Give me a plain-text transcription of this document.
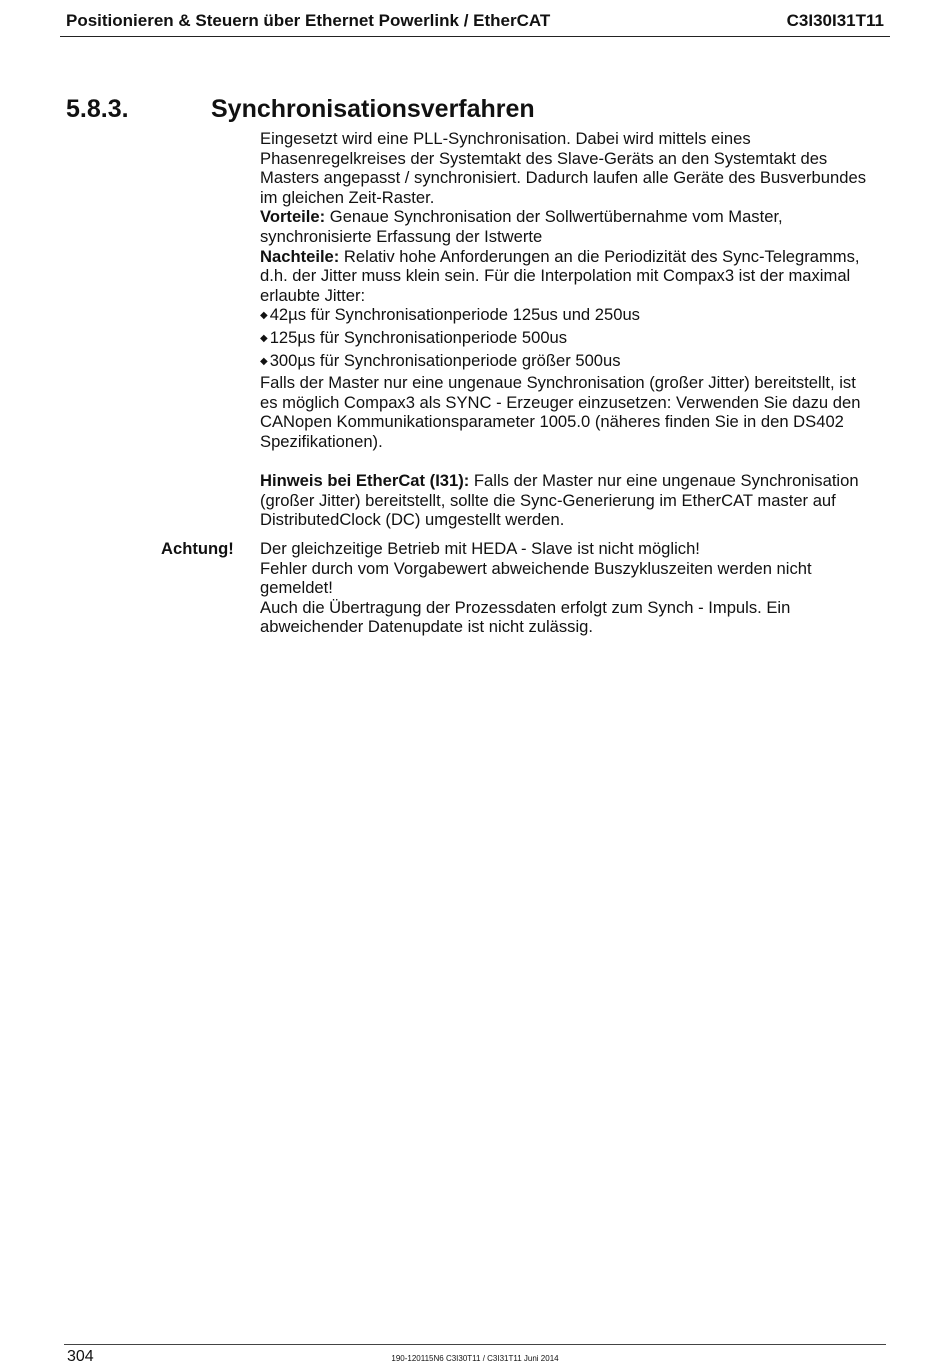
Positionieren & Steuern über Ethernet Powerlink / EtherCAT	C3I30I31T11
5.8.3.	Synchronisationsverfahren

Eingesetzt wird eine PLL-Synchronisation. Dabei wird mittels eines

Phasenregelkreises der Systemtakt des Slave-Geräts an den Systemtakt des

Masters angepasst / synchronisiert. Dadurch laufen alle Geräte des Busverbundes

im gleichen Zeit-Raster.

Vorteile: Genaue Synchronisation der Sollwertübernahme vom Master,

synchronisierte Erfassung der Istwerte

Nachteile: Relativ hohe Anforderungen an die Periodizität des Sync-Telegramms,

d.h. der Jitter muss klein sein. Für die Interpolation mit Compax3 ist der maximal

erlaubte Jitter:

◆ 42µs für Synchronisationperiode 125us und 250us

◆ 125µs für Synchronisationperiode 500us

◆ 300µs für Synchronisationperiode größer 500us

Falls der Master nur eine ungenaue Synchronisation (großer Jitter) bereitstellt, ist

es möglich Compax3 als SYNC - Erzeuger einzusetzen: Verwenden Sie dazu den

CANopen Kommunikationsparameter 1005.0 (näheres finden Sie in den DS402

Spezifikationen).

Hinweis bei EtherCat (I31): Falls der Master nur eine ungenaue Synchronisation

(großer Jitter) bereitstellt, sollte die Sync-Generierung im EtherCAT master auf

DistributedClock (DC) umgestellt werden.

Achtung! Der gleichzeitige Betrieb mit HEDA - Slave ist nicht möglich!

Fehler durch vom Vorgabewert abweichende Buszykluszeiten werden nicht

gemeldet!

Auch die Übertragung der Prozessdaten erfolgt zum Synch - Impuls. Ein

abweichender Datenupdate ist nicht zulässig.

304	190-120115N6 C3I30T11 / C3I31T11 Juni 2014
